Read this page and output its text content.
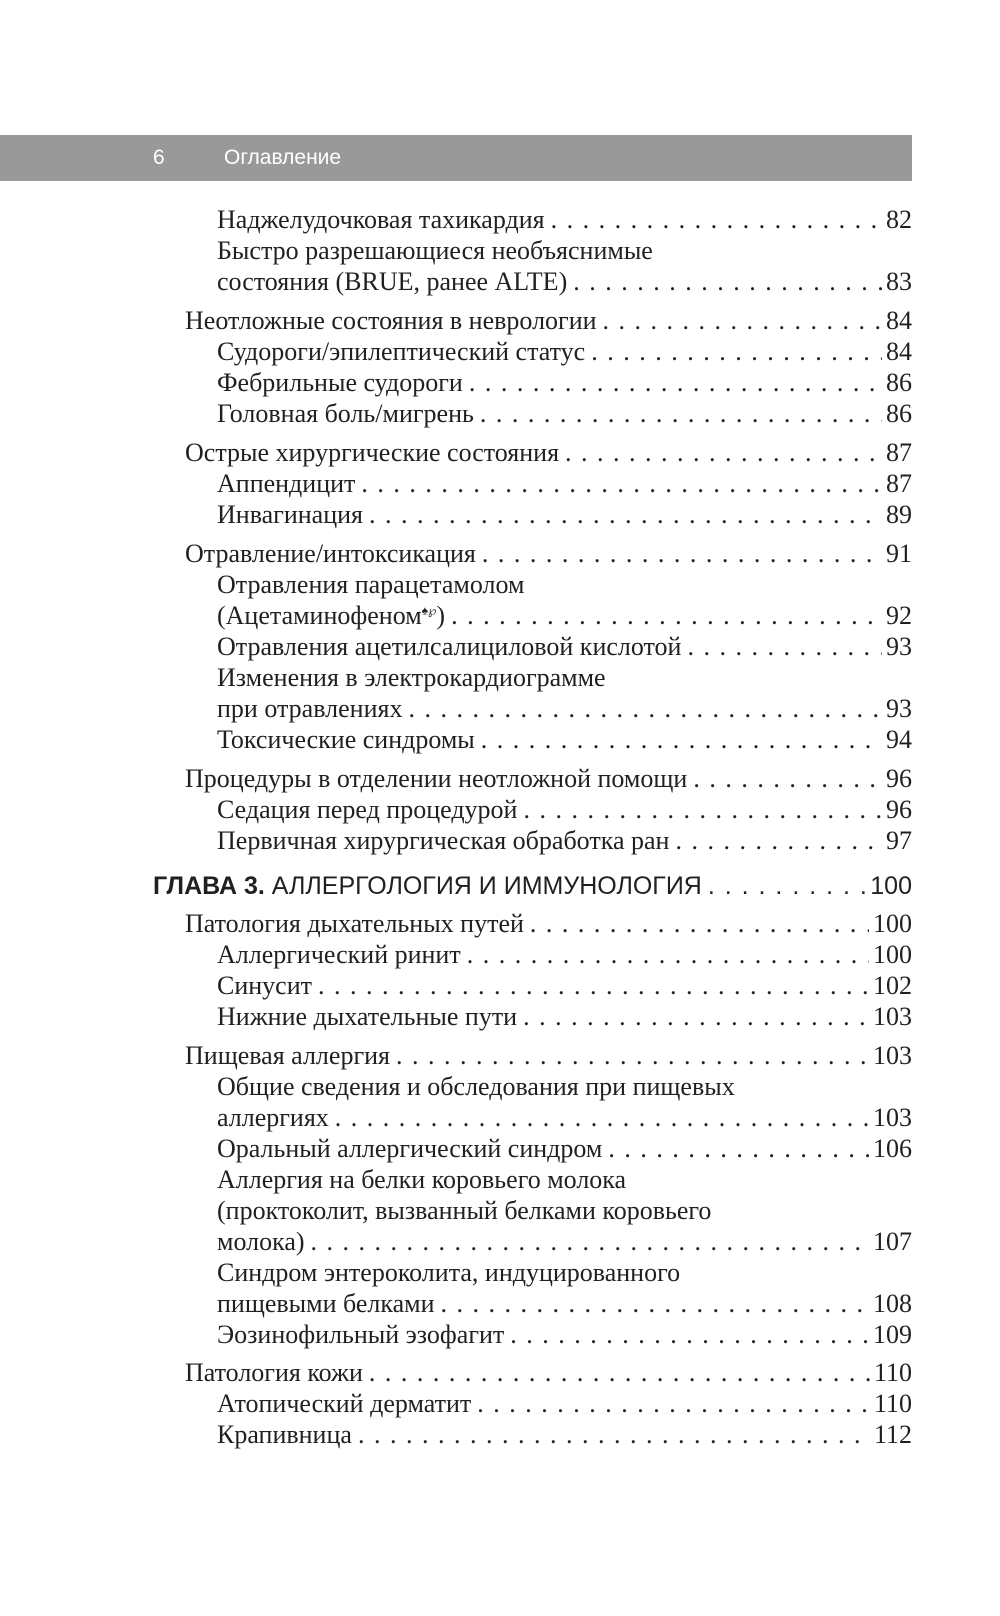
6	Оглавление
Наджелудочковая тахикардия . . .	82
Быстро разрешающиеся необъяснимые
состояния (BRUE, ранее ALTE) . . .	83
Неотложные состояния в неврологии . . .	84
Судороги/эпилептический статус . . .	84
Фебрильные судороги . . .	86
Головная боль/мигрень . . .	86
Острые хирургические состояния . . .	87
Аппендицит . . .	87
Инвагинация . . .	89
Отравление/интоксикация . . .	91
Отравления парацетамолом
(Ацетаминофеном♠℘) . . .	92
Отравления ацетилсалициловой кислотой . . .	93
Изменения в электрокардиограмме
при отравлениях . . .	93
Токсические синдромы . . .	94
Процедуры в отделении неотложной помощи . . .	96
Седация перед процедурой . . .	96
Первичная хирургическая обработка ран . . .	97
ГЛАВА 3. АЛЛЕРГОЛОГИЯ И ИММУНОЛОГИЯ . . .	100
Патология дыхательных путей . . .	100
Аллергический ринит . . .	100
Синусит . . .	102
Нижние дыхательные пути . . .	103
Пищевая аллергия . . .	103
Общие сведения и обследования при пищевых
аллергиях . . .	103
Оральный аллергический синдром . . .	106
Аллергия на белки коровьего молока
(проктоколит, вызванный белками коровьего
молока) . . .	107
Синдром энтероколита, индуцированного
пищевыми белками . . .	108
Эозинофильный эзофагит . . .	109
Патология кожи . . .	110
Атопический дерматит . . .	110
Крапивница . . .	112
